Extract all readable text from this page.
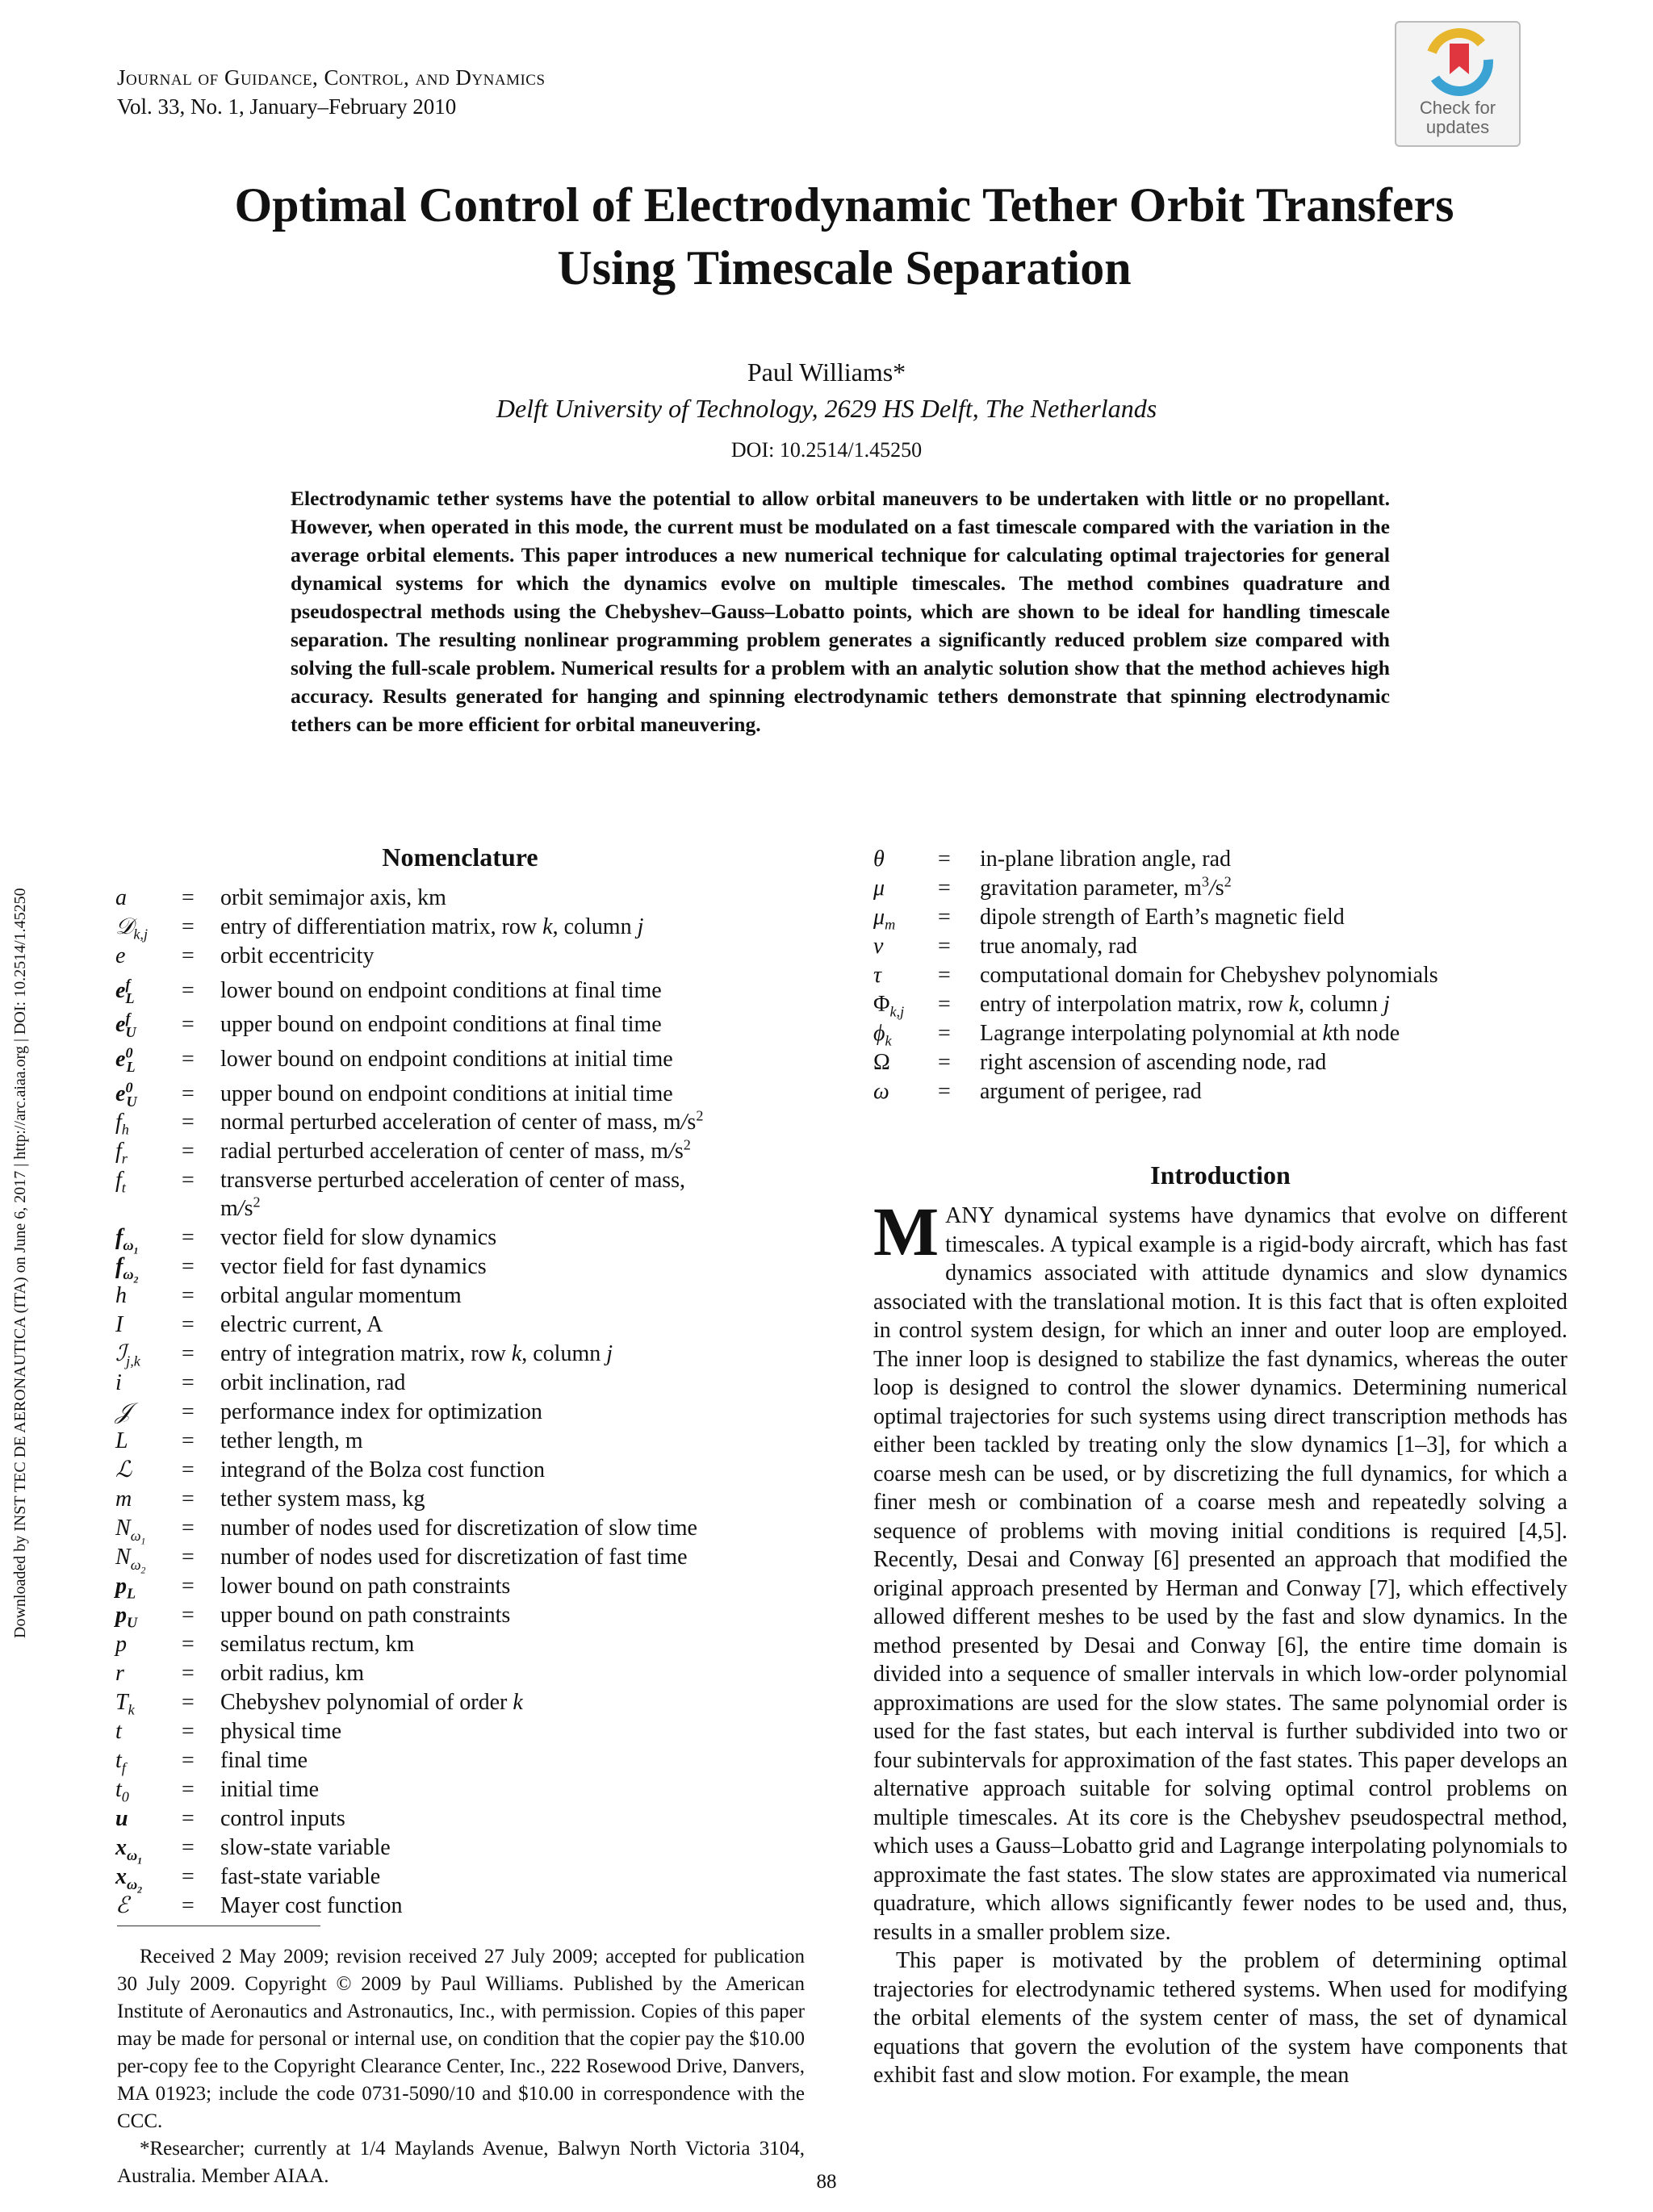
Journal of Guidance, Control, and Dynamics
Vol. 33, No. 1, January–February 2010	Check for
updates
Downloaded by INST TEC DE AERONAUTICA (ITA) on June 6, 2017 | http://arc.aiaa.org | DOI: 10.2514/1.45250
Optimal Control of Electrodynamic Tether Orbit Transfers
Using Timescale Separation
Paul Williams*
Delft University of Technology, 2629 HS Delft, The Netherlands
DOI: 10.2514/1.45250
Electrodynamic tether systems have the potential to allow orbital maneuvers to be undertaken with little or no propellant. However, when operated in this mode, the current must be modulated on a fast timescale compared with the variation in the average orbital elements. This paper introduces a new numerical technique for calculating optimal trajectories for general dynamical systems for which the dynamics evolve on multiple timescales. The method combines quadrature and pseudospectral methods using the Chebyshev–Gauss–Lobatto points, which are shown to be ideal for handling timescale separation. The resulting nonlinear programming problem generates a significantly reduced problem size compared with solving the full-scale problem. Numerical results for a problem with an analytic solution show that the method achieves high accuracy. Results generated for hanging and spinning electrodynamic tethers demonstrate that spinning electrodynamic tethers can be more efficient for orbital maneuvering.
Nomenclature
a = orbit semimajor axis, km
𝒟$_{k,j}$ = entry of differentiation matrix, row k, column j
e = orbit eccentricity
$e^f_L$ = lower bound on endpoint conditions at final time
$e^f_U$ = upper bound on endpoint conditions at final time
$e^0_L$ = lower bound on endpoint conditions at initial time
$e^0_U$ = upper bound on endpoint conditions at initial time
$f_h$ = normal perturbed acceleration of center of mass, $m/s^2$
$f_r$ = radial perturbed acceleration of center of mass, $m/s^2$
$f_t$ = transverse perturbed acceleration of center of mass,
$m/s^2$
$f_{\omega_1}$
= vector field for slow dynamics
$f_{\omega_2}$
= vector field for fast dynamics
h = orbital angular momentum
I	= electric current, A
ℐ$_{j,k}$ = entry of integration matrix, row k, column j
i	= orbit inclination, rad
𝒥 = performance index for optimization
L = tether length, m
ℒ = integrand of the Bolza cost function
m = tether system mass, kg
$N_{\omega_1}$
= number of nodes used for discretization of slow time
$N_{\omega_2}$
= number of nodes used for discretization of fast time
$p_L$ = lower bound on path constraints
$p_U$ = upper bound on path constraints
p = semilatus rectum, km
r	= orbit radius, km
$T_k$ = Chebyshev polynomial of order k
t	= physical time
$t_f$ = final time
$t_0$ = initial time
u = control inputs
$x_{\omega_1}$
= slow-state variable
$x_{\omega_2}$
= fast-state variable
ℰ = Mayer cost function
θ = in-plane libration angle, rad
μ = gravitation parameter, $m^3/s^2$
$\mu_m$ = dipole strength of Earth’s magnetic field
ν = true anomaly, rad
τ = computational domain for Chebyshev polynomials
$\Phi_{k,j}$ = entry of interpolation matrix, row k, column j
$\phi_k$ = Lagrange interpolating polynomial at kth node
Ω = right ascension of ascending node, rad
ω = argument of perigee, rad

Received 2 May 2009; revision received 27 July 2009; accepted for publication 30 July 2009. Copyright © 2009 by Paul Williams. Published by the American Institute of Aeronautics and Astronautics, Inc., with permission. Copies of this paper may be made for personal or internal use, on condition that the copier pay the $10.00 per-copy fee to the Copyright Clearance Center, Inc., 222 Rosewood Drive, Danvers, MA 01923; include the code 0731-5090/10 and $10.00 in correspondence with the CCC.

*Researcher; currently at 1/4 Maylands Avenue, Balwyn North Victoria 3104, Australia. Member AIAA.

Introduction

MANY dynamical systems have dynamics that evolve on different timescales. A typical example is a rigid-body aircraft, which has fast dynamics associated with attitude dynamics and slow dynamics associated with the translational motion. It is this fact that is often exploited in control system design, for which an inner and outer loop are employed. The inner loop is designed to stabilize the fast dynamics, whereas the outer loop is designed to control the slower dynamics. Determining numerical optimal trajectories for such systems using direct transcription methods has either been tackled by treating only the slow dynamics [1–3], for which a coarse mesh can be used, or by discretizing the full dynamics, for which a finer mesh or combination of a coarse mesh and repeatedly solving a sequence of problems with moving initial conditions is required [4,5]. Recently, Desai and Conway [6] presented an approach that modified the original approach presented by Herman and Conway [7], which effectively allowed different meshes to be used by the fast and slow dynamics. In the method presented by Desai and Conway [6], the entire time domain is divided into a sequence of smaller intervals in which low-order polynomial approximations are used for the slow states. The same polynomial order is used for the fast states, but each interval is further subdivided into two or four subintervals for approximation of the fast states. This paper develops an alternative approach suitable for solving optimal control problems on multiple timescales. At its core is the Chebyshev pseudospectral method, which uses a Gauss–Lobatto grid and Lagrange interpolating polynomials to approximate the fast states. The slow states are approximated via numerical quadrature, which allows significantly fewer nodes to be used and, thus, results in a smaller problem size.

This paper is motivated by the problem of determining optimal trajectories for electrodynamic tethered systems. When used for modifying the orbital elements of the system center of mass, the set of dynamical equations that govern the evolution of the system have components that exhibit fast and slow motion. For example, the mean

88
